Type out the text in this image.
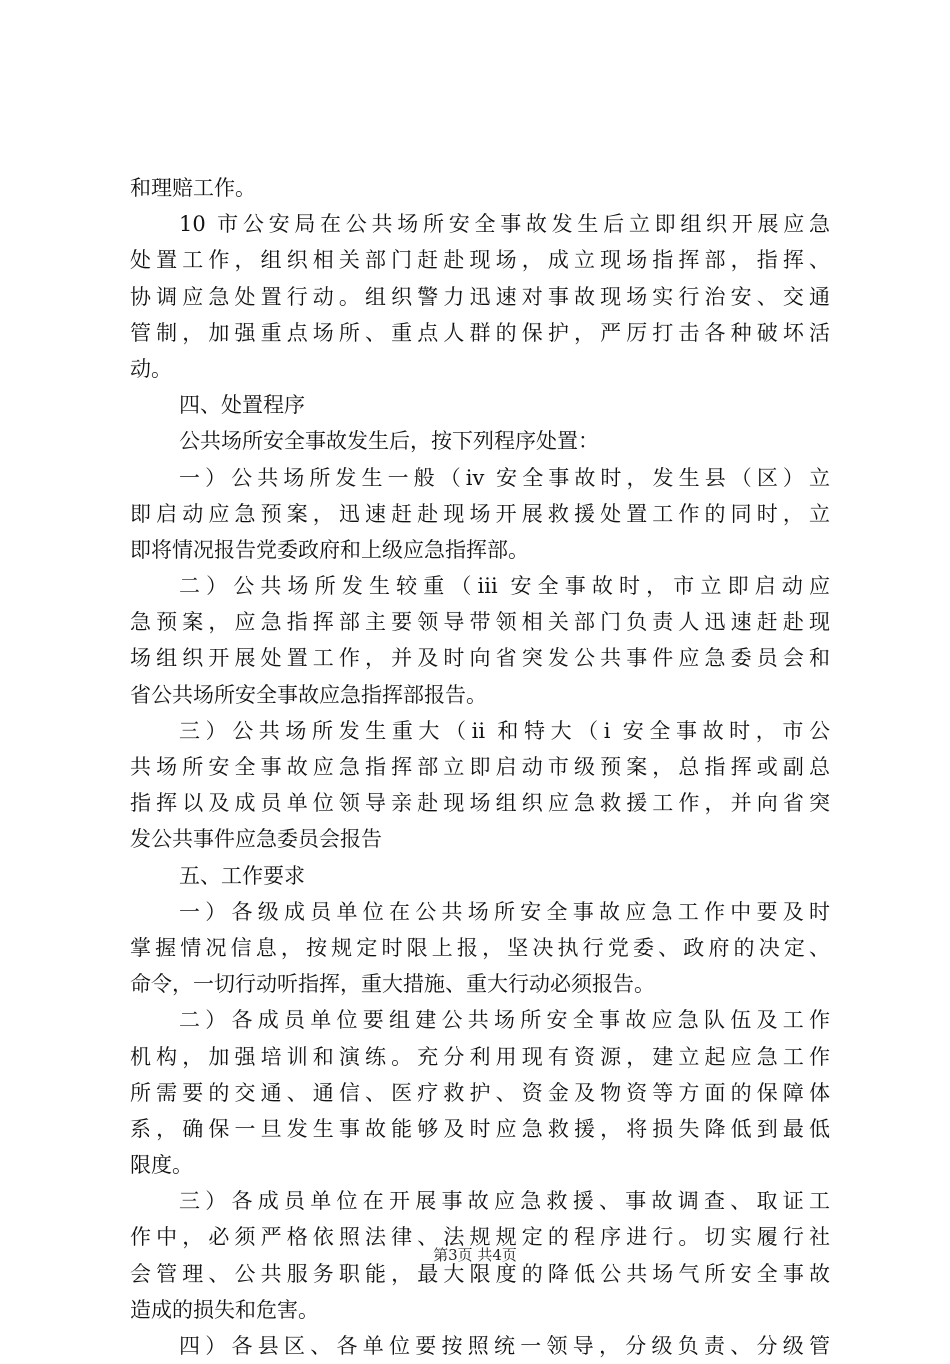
和理赔工作。
10 市公安局在公共场所安全事故发生后立即组织开展应急
处置工作，组织相关部门赶赴现场，成立现场指挥部，指挥、
协调应急处置行动。组织警力迅速对事故现场实行治安、交通
管制，加强重点场所、重点人群的保护，严厉打击各种破坏活
动。
四、处置程序
公共场所安全事故发生后，按下列程序处置：
一）公共场所发生一般（iv 安全事故时，发生县（区）立
即启动应急预案，迅速赶赴现场开展救援处置工作的同时，立
即将情况报告党委政府和上级应急指挥部。
二）公共场所发生较重（iii 安全事故时，市立即启动应
急预案，应急指挥部主要领导带领相关部门负责人迅速赶赴现
场组织开展处置工作，并及时向省突发公共事件应急委员会和
省公共场所安全事故应急指挥部报告。
三）公共场所发生重大（ii 和特大（i 安全事故时，市公
共场所安全事故应急指挥部立即启动市级预案，总指挥或副总
指挥以及成员单位领导亲赴现场组织应急救援工作，并向省突
发公共事件应急委员会报告
五、工作要求
一）各级成员单位在公共场所安全事故应急工作中要及时
掌握情况信息，按规定时限上报，坚决执行党委、政府的决定、
命令，一切行动听指挥，重大措施、重大行动必须报告。
二）各成员单位要组建公共场所安全事故应急队伍及工作
机构，加强培训和演练。充分利用现有资源，建立起应急工作
所需要的交通、通信、医疗救护、资金及物资等方面的保障体
系，确保一旦发生事故能够及时应急救援，将损失降低到最低
限度。
三）各成员单位在开展事故应急救援、事故调查、取证工
作中，必须严格依照法律、法规规定的程序进行。切实履行社
会管理、公共服务职能，最大限度的降低公共场气所安全事故
造成的损失和危害。
四）各县区、各单位要按照统一领导，分级负责、分级管
第3页 共4页
